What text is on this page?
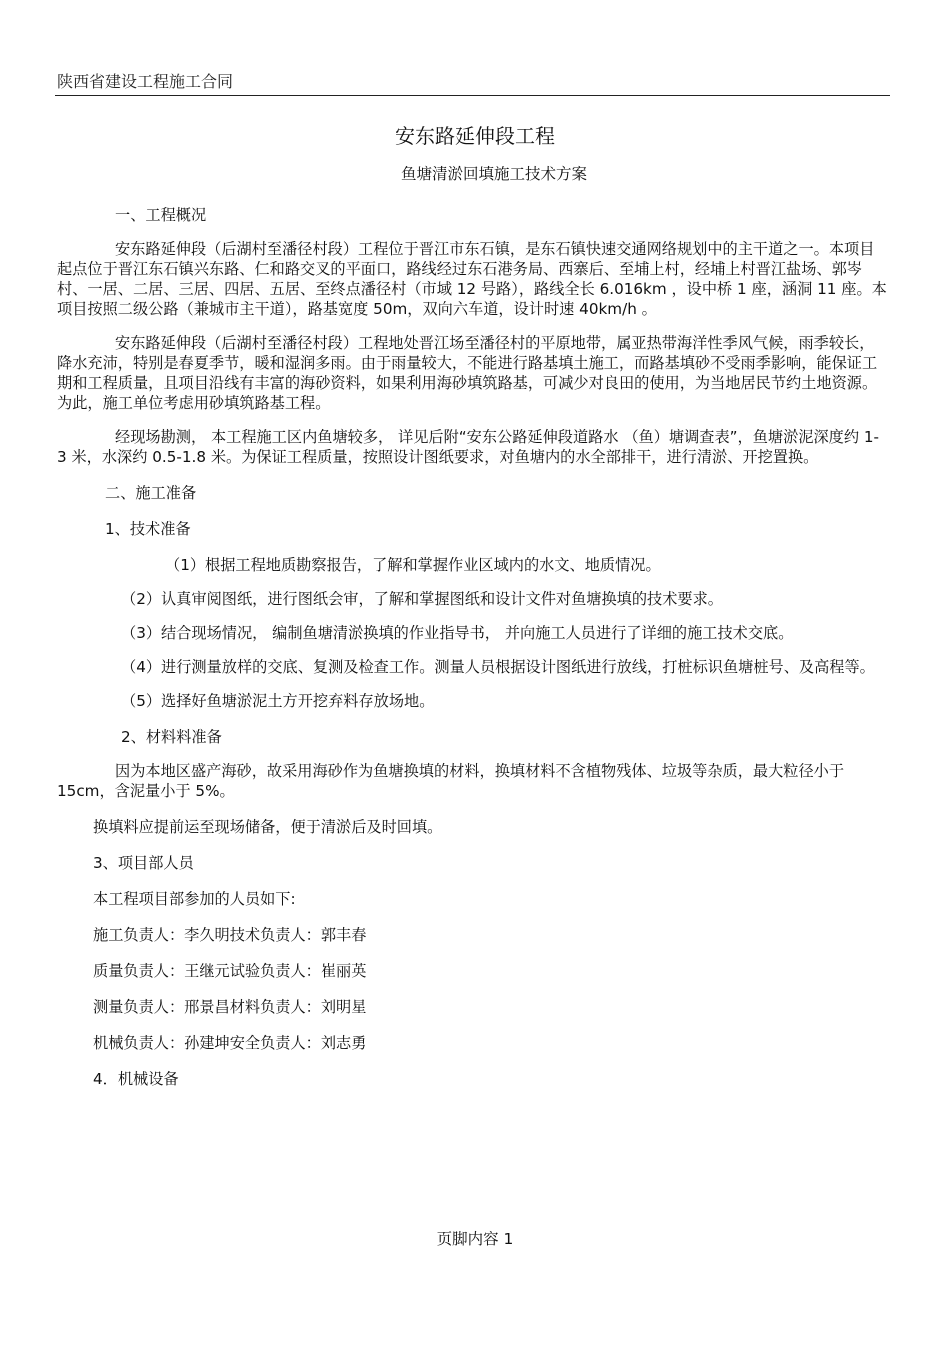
陕西省建设工程施工合同
安东路延伸段工程
鱼塘清淤回填施工技术方案

一、工程概况

安东路延伸段（后湖村至潘径村段）工程位于晋江市东石镇，是东石镇快速交通网络规划中的主干道之一。本项目起点位于晋江东石镇兴东路、仁和路交叉的平面口，路线经过东石港务局、西寨后、至埔上村，经埔上村晋江盐场、郭岑村、一居、二居、三居、四居、五居、至终点潘径村（市域 12 号路），路线全长 6.016km ，设中桥 1 座，涵洞 11 座。本项目按照二级公路（兼城市主干道），路基宽度 50m，双向六车道，设计时速 40km/h 。

安东路延伸段（后湖村至潘径村段）工程地处晋江场至潘径村的平原地带，属亚热带海洋性季风气候，雨季较长，降水充沛，特别是春夏季节，暖和湿润多雨。由于雨量较大，不能进行路基填土施工，而路基填砂不受雨季影响，能保证工期和工程质量，且项目沿线有丰富的海砂资料，如果利用海砂填筑路基，可减少对良田的使用，为当地居民节约土地资源。为此，施工单位考虑用砂填筑路基工程。

经现场勘测， 本工程施工区内鱼塘较多， 详见后附“安东公路延伸段道路水 （鱼）塘调查表”，鱼塘淤泥深度约 1-3 米，水深约 0.5-1.8 米。为保证工程质量，按照设计图纸要求，对鱼塘内的水全部排干，进行清淤、开挖置换。

二、施工准备

1、技术准备

（1）根据工程地质勘察报告，了解和掌握作业区域内的水文、地质情况。

（2）认真审阅图纸，进行图纸会审，了解和掌握图纸和设计文件对鱼塘换填的技术要求。

（3）结合现场情况， 编制鱼塘清淤换填的作业指导书， 并向施工人员进行了详细的施工技术交底。

（4）进行测量放样的交底、复测及检查工作。测量人员根据设计图纸进行放线，打桩标识鱼塘桩号、及高程等。

（5）选择好鱼塘淤泥土方开挖弃料存放场地。

2、材料料准备

因为本地区盛产海砂，故采用海砂作为鱼塘换填的材料，换填材料不含植物残体、垃圾等杂质，最大粒径小于 15cm，含泥量小于 5%。

换填料应提前运至现场储备，便于清淤后及时回填。

3、项目部人员

本工程项目部参加的人员如下:

施工负责人：李久明技术负责人：郭丰春

质量负责人：王继元试验负责人：崔丽英

测量负责人：邢景昌材料负责人：刘明星

机械负责人：孙建坤安全负责人：刘志勇

4．机械设备

页脚内容 1
